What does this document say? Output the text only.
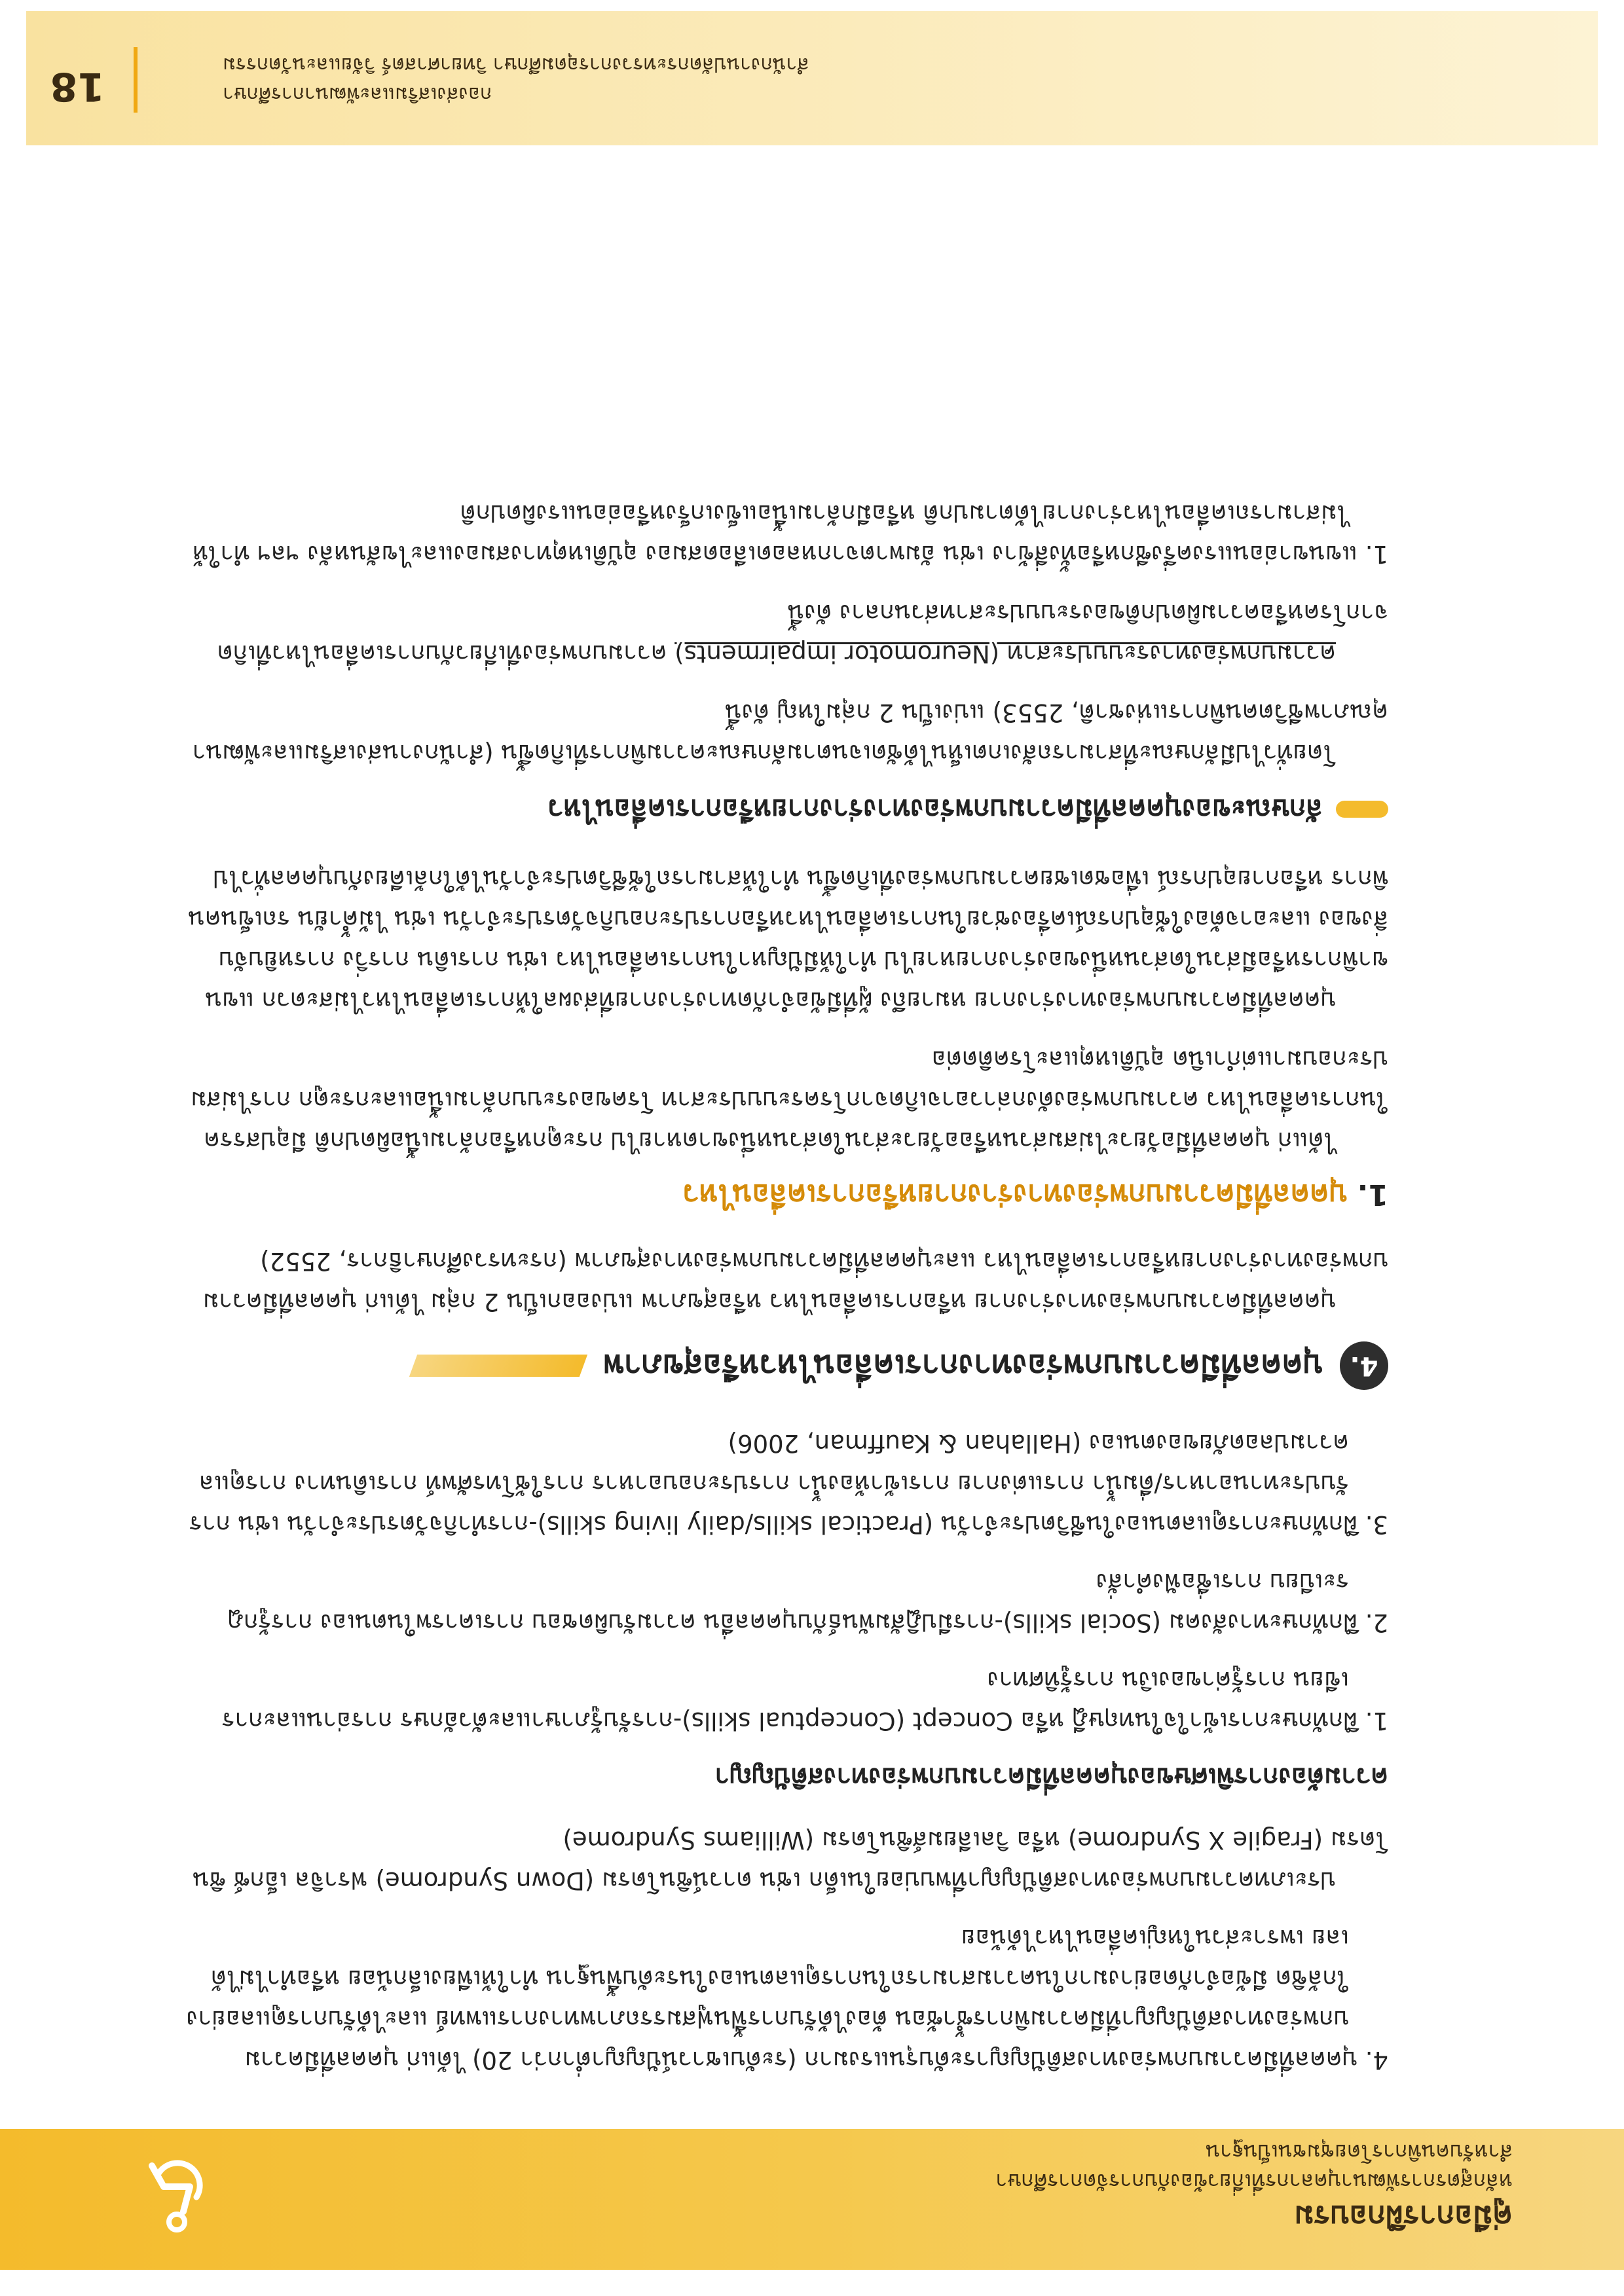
คู่มือการฝึกอบรม
หลักสูตรการพัฒนาบุคลากรที่เกี่ยวข้องกับการจัดการศึกษา
สำหรับคนพิการโดยชุมชนเป็นฐาน

4. บุคคลที่มีความบกพร่องทางสติปัญญาระดับรุนแรงมาก (ระดับเชาวน์ปัญญาต่ำกว่า 20) ได้แก่ บุคคลที่มีความบกพร่องทางสติปัญญาที่มีความพิการซ้ำซ้อน ต้องได้รับการฟื้นฟูสมรรถภาพทางการแพทย์ และได้รับการดูแลอย่างใกล้ชิด มีข้อจำกัดอย่างมากในความสามารถในการดูแลตนเองในระดับพื้นฐาน ทำให้เพียงเล็กน้อย หรือทำไม่ได้เลย เพราะส่วนใหญ่เคลื่อนไหวได้น้อย

ประเภทความบกพร่องทางสติปัญญาที่พบบ่อยในเด็ก เช่น ดาวน์ซินโดรม (Down Syndrome) ฟราจิล เอ็กซ์ ซินโดรม (Fragile X Syndrome) หรือ วิลเลียมส์ซินโดรม (Williams Syndrome)

ความต้องการพิเศษของบุคคลที่มีความบกพร่องทางสติปัญญา

1. ฝึกทักษะการเข้าใจในทฤษฎี หรือ Concept (Conceptual skills)-การรับรู้ภาษาและตัวอักษร การอ่านและการเขียน การรู้ค่าของเงิน การรู้ทิศทาง

2. ฝึกทักษะทางสังคม (Social skills)-การมีปฏิสัมพันธ์กับบุคคลอื่น ความรับผิดชอบ การเคารพในตนเอง การรู้กฎระเบียบ การเชื่อฟังคำสั่ง

3. ฝึกทักษะการดูแลตนเองในชีวิตประจำวัน (Practical skills/daily living skills)-การทำกิจวัตรประจำวัน เช่น การรับประทานอาหาร/ดื่มน้ำ การแต่งกาย การเข้าห้องน้ำ การประกอบอาหาร การใช้โทรศัพท์ การเดินทาง การดูแลความปลอดภัยของตนเอง (Hallahan & Kauffman, 2006)

4.
บุคคลที่มีความบกพร่องทางการเคลื่อนไหวหรือสุขภาพ

บุคคลที่มีความบกพร่องทางร่างกาย หรือการเคลื่อนไหว หรือสุขภาพ แบ่งออกเป็น 2 กลุ่ม ได้แก่ บุคคลที่มีความบกพร่องทางร่างกายหรือการเคลื่อนไหว และบุคคลที่มีความบกพร่องทางสุขภาพ (กระทรวงศึกษาธิการ, 2552)

1. บุคคลที่มีความบกพร่องทางร่างกายหรือการเคลื่อนไหว

ได้แก่ บุคคลที่มีอวัยวะไม่สมส่วนหรืออวัยวะส่วนใดส่วนหนึ่งขาดหายไป กระดูกหรือกล้ามเนื้อผิดปกติ มีอุปสรรคในการเคลื่อนไหว ความบกพร่องดังกล่าวอาจเกิดจากโรคระบบประสาท โรคของระบบกล้ามเนื้อและกระดูก การไม่สมประกอบมาแต่กำเนิด อุบัติเหตุและโรคติดต่อ

บุคคลที่มีความบกพร่องทางร่างกาย หมายถึง ผู้ที่มีข้อจำกัดทางร่างกายที่ส่งผลให้การเคลื่อนไหวไม่สะดวก แขนขาพิการหรือมีส่วนใดส่วนหนึ่งของร่างกายหายไป ทำให้มีปัญหาในการเคลื่อนไหว เช่น การเดิน การวิ่ง การหยิบจับสิ่งของ และอาจต้องใช้อุปกรณ์เครื่องช่วยในการเคลื่อนไหวหรือการประกอบกิจวัตรประจำวัน เช่น ไม้ค้ำยัน รถเข็นคนพิการ หรือกายอุปกรณ์ เพื่อชดเชยความบกพร่องที่เกิดขึ้น ทำให้สามารถใช้ชีวิตประจำวันได้ใกล้เคียงกับบุคคลทั่วไป

ลักษณะของบุคคลที่มีความบกพร่องทางร่างกายหรือการเคลื่อนไหว

โดยทั่วไปมีลักษณะที่สามารถสังเกตเห็นได้ชัดเจนตามลักษณะความพิการที่เกิดขึ้น (สำนักงานส่งเสริมและพัฒนาคุณภาพชีวิตคนพิการแห่งชาติ, 2553) แบ่งเป็น 2 กลุ่มใหญ่ ดังนี้

ความบกพร่องทางระบบประสาท (Neuromotor impairments) ความบกพร่องที่เกี่ยวกับการเคลื่อนไหวที่เกิดจากโรคหรือความผิดปกติของระบบประสาทส่วนกลาง ดังนี้

1. แขนขาอ่อนแรงครึ่งซีกหรือทั้งสี่ข้าง เช่น อัมพาตจากหลอดเลือดสมอง อุบัติเหตุทางสมองและไขสันหลัง ฯลฯ ทำให้ไม่สามารถเคลื่อนไหวร่างกายได้ตามปกติ หรือมีกล้ามเนื้อแข็งเกร็งหรืออ่อนแรงผิดปกติ

18	กองส่งเสริมและพัฒนาการศึกษา
สำนักงานปลัดกระทรวงการอุดมศึกษา วิทยาศาสตร์ วิจัยและนวัตกรรม
